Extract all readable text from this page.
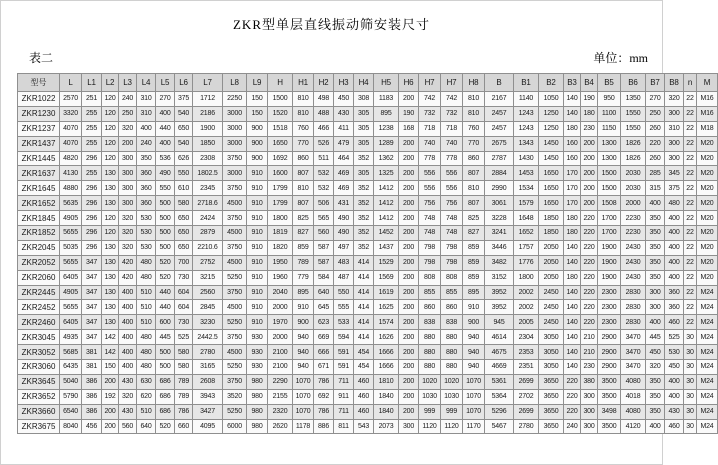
ZKR型单层直线振动筛安装尺寸
表二	单位：mm
型号	L	L1	L2	L3	L4	L5	L6	L7	L8	L9	H	H1	H2	H3	H4	H5	H6	H7	H7	H8	B	B1	B2	B3	B4	B5	B6	B7	B8	n	M
ZKR1022	2570	251	120	240	310	270	375	1712	2250	150	1500	810	498	450	308	1183	200	742	742	810	2167	1140	1050	140	190	950	1350	270	320	22	M16
ZKR1230	3320	255	120	250	310	400	540	2186	3000	150	1520	810	488	430	305	895	190	732	732	810	2457	1243	1250	140	180	1100	1550	250	300	22	M16
ZKR1237	4070	255	120	320	400	440	650	1900	3000	900	1518	760	466	411	305	1238	168	718	718	760	2457	1243	1250	180	230	1150	1550	260	310	22	M18
ZKR1437	4070	255	120	200	240	400	540	1850	3000	900	1650	770	526	479	305	1289	200	740	740	770	2675	1343	1450	160	200	1300	1826	220	300	22	M20
ZKR1445	4820	296	120	300	350	536	626	2308	3750	900	1692	860	511	464	352	1362	200	778	778	860	2787	1430	1450	160	200	1300	1826	260	300	22	M20
ZKR1637	4130	255	130	300	360	490	550	1802.5	3000	910	1600	807	532	469	305	1325	200	556	556	807	2884	1453	1650	170	200	1500	2030	285	345	22	M20
ZKR1645	4880	296	130	300	360	550	610	2345	3750	910	1799	810	532	469	352	1412	200	556	556	810	2990	1534	1650	170	200	1500	2030	315	375	22	M20
ZKR1652	5635	296	130	300	360	500	580	2718.6	4500	910	1799	807	506	431	352	1412	200	756	756	807	3061	1579	1650	170	200	1508	2000	400	480	22	M20
ZKR1845	4905	296	120	320	530	500	650	2424	3750	910	1800	825	565	490	352	1412	200	748	748	825	3228	1648	1850	180	220	1700	2230	350	400	22	M20
ZKR1852	5655	296	120	320	530	500	650	2879	4500	910	1819	827	560	490	352	1452	200	748	748	827	3241	1652	1850	180	220	1700	2230	350	400	22	M20
ZKR2045	5035	296	130	320	530	500	650	2210.6	3750	910	1820	859	587	497	352	1437	200	798	798	859	3446	1757	2050	140	220	1900	2430	350	400	22	M20
ZKR2052	5655	347	130	420	480	520	700	2752	4500	910	1950	789	587	483	414	1529	200	798	798	859	3482	1776	2050	140	220	1900	2430	350	400	22	M20
ZKR2060	6405	347	130	420	480	520	730	3215	5250	910	1960	779	584	487	414	1569	200	808	808	859	3152	1800	2050	180	220	1900	2430	350	400	22	M20
ZKR2445	4905	347	130	400	510	440	604	2560	3750	910	2040	895	640	550	414	1619	200	855	855	895	3952	2002	2450	140	220	2300	2830	300	360	22	M24
ZKR2452	5655	347	130	400	510	440	604	2845	4500	910	2000	910	645	555	414	1625	200	860	860	910	3952	2002	2450	140	220	2300	2830	300	360	22	M24
ZKR2460	6405	347	130	400	510	600	730	3230	5250	910	1970	900	623	533	414	1574	200	838	838	900	945	2005	2450	140	220	2300	2830	400	460	22	M24
ZKR3045	4935	347	142	400	480	445	525	2442.5	3750	930	2000	940	669	594	414	1626	200	880	880	940	4614	2304	3050	140	210	2900	3470	445	525	30	M24
ZKR3052	5685	381	142	400	480	500	580	2780	4500	930	2100	940	666	591	454	1666	200	880	880	940	4675	2353	3050	140	210	2900	3470	450	530	30	M24
ZKR3060	6435	381	150	400	480	500	580	3165	5250	930	2100	940	671	591	454	1666	200	880	880	940	4669	2351	3050	140	230	2900	3470	320	450	30	M24
ZKR3645	5040	386	200	430	630	686	789	2608	3750	980	2290	1070	786	711	460	1810	200	1020	1020	1070	5361	2699	3650	220	380	3500	4080	350	400	30	M24
ZKR3652	5790	386	192	320	620	686	789	3943	3520	980	2155	1070	692	911	460	1840	200	1030	1030	1070	5364	2702	3650	220	300	3500	4018	350	400	30	M24
ZKR3660	6540	386	200	430	510	686	786	3427	5250	980	2320	1070	786	711	460	1840	200	999	999	1070	5296	2699	3650	220	300	3498	4080	350	430	30	M24
ZKR3675	8040	456	200	560	640	520	660	4095	6000	980	2620	1178	886	811	543	2073	300	1120	1120	1170	5467	2780	3650	240	300	3500	4120	400	460	30	M24
